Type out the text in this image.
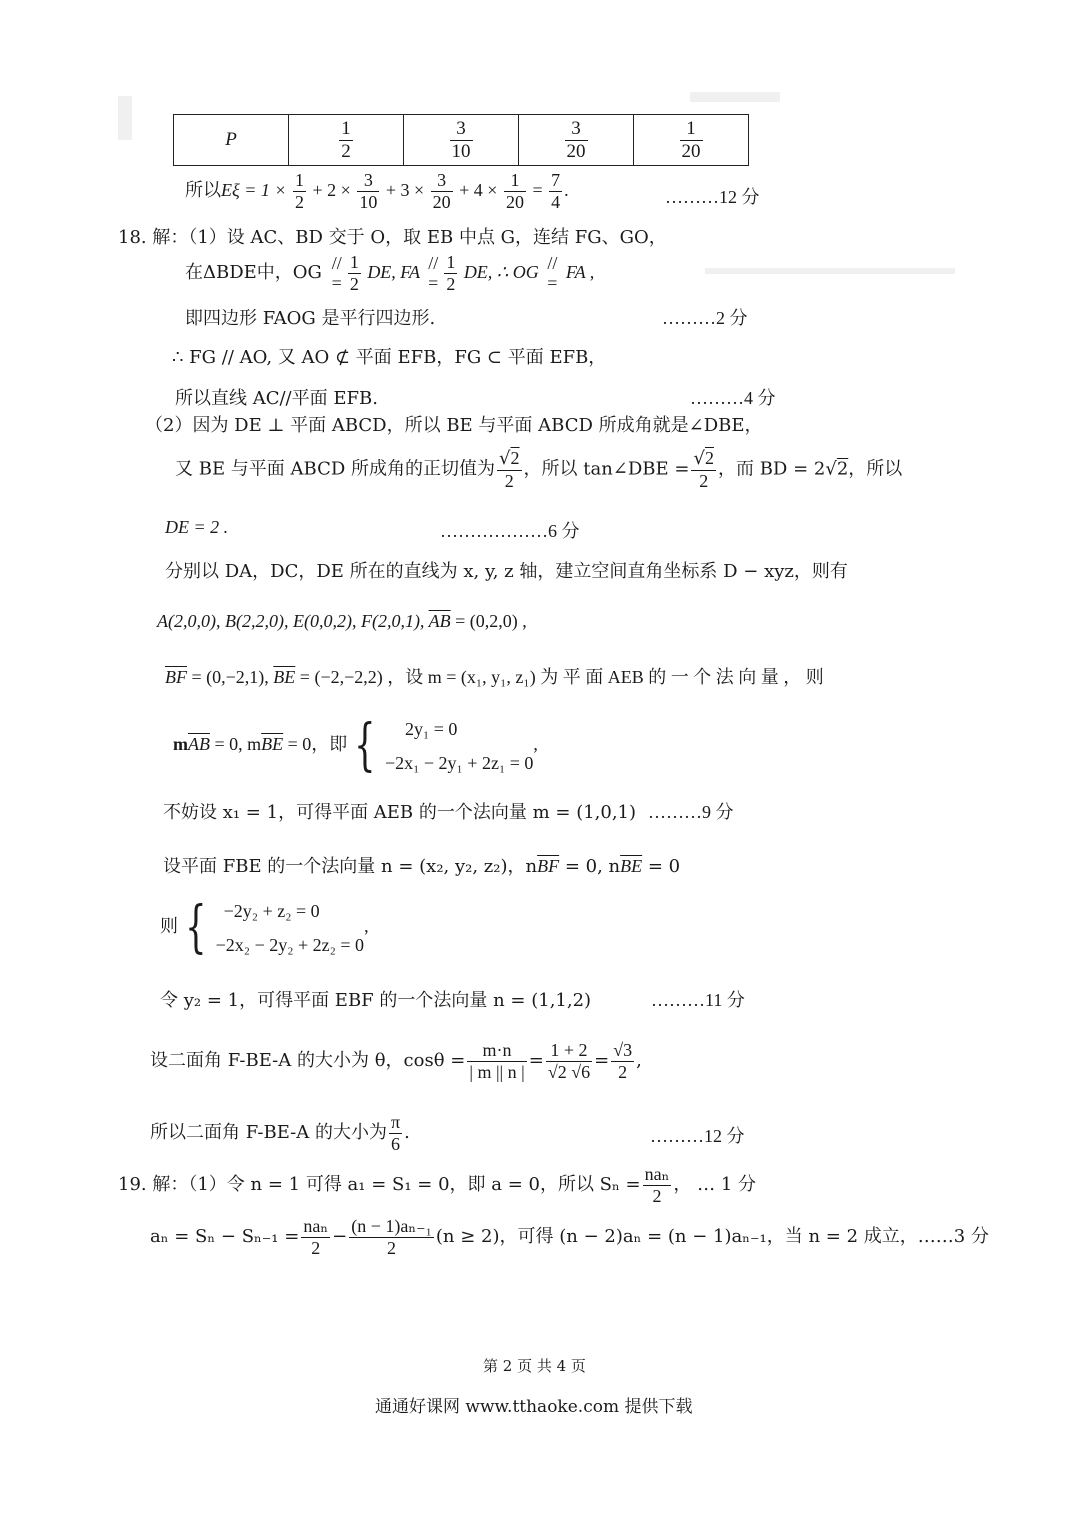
P	$\frac{1}{2}$	$\frac{3}{10}$	$\frac{3}{20}$	$\frac{1}{20}$
所以$E\xi = 1 \times \frac{1}{2} + 2 \times \frac{3}{10} + 3 \times \frac{3}{20} + 4 \times \frac{1}{20} = \frac{7}{4}$ .	………12 分
18. 解：（1）设 AC、BD 交于 O，取 EB 中点 G，连结 FG、GO，
在ΔBDE中，OG //
= $\frac{1}{2}$ DE, FA //
= $\frac{1}{2}$ DE, ∴ OG //
=
FA ,
即四边形 FAOG 是平行四边形.	………2 分
∴ FG // AO, 又 AO ⊄ 平面 EFB，FG ⊂ 平面 EFB，
所以直线 AC//平面 EFB.	………4 分
（2）因为 DE ⊥ 平面 ABCD，所以 BE 与平面 ABCD 所成角就是∠DBE，
又 BE 与平面 ABCD 所成角的正切值为 $\frac{√2}{2}$ ，所以 tan∠DBE = $\frac{√2}{2}$ ，而 BD = 2√2，所以
DE = 2 .	………………6 分
分别以 DA，DC，DE 所在的直线为 x, y, z 轴，建立空间直角坐标系 D − xyz，则有
A(2,0,0), B(2,2,0), E(0,0,2), F(2,0,1), $\overline{AB} = (0,2,0)$ ,
$\overline{BF} = (0,-2,1)$, $\overline{BE} = (-2,-2,2)$ ，设 m = (x₁, y₁, z₁) 为 平 面 AEB 的 一 个 法 向 量 ， 则
$m\overline{AB} = 0$, $m\overline{BE} = 0$，即 {	2y₁ = 0
−2x₁ − 2y₁ + 2z₁ = 0
,
不妨设 x₁ = 1，可得平面 AEB 的一个法向量 m = (1,0,1) ………9 分
设平面 FBE 的一个法向量 n = (x₂, y₂, z₂)，$n\overline{BF} = 0$, $n\overline{BE} = 0$
则 { −2y₂ + z₂ = 0
−2x₂ − 2y₂ + 2z₂ = 0
,
令 y₂ = 1，可得平面 EBF 的一个法向量 n = (1,1,2)	………11 分
设二面角 F-BE-A 的大小为 θ，$\cos\theta = \frac{m\cdot n}{| m || n |} = \frac{1 + 2}{√2 √6} = \frac{√3}{2}$ ,
所以二面角 F-BE-A 的大小为 $\frac{\pi}{6}$ .	………12 分
19. 解：（1）令 n = 1 可得 a₁ = S₁ = 0，即 a = 0，所以 $S_n = \frac{\text{naₙ}}{2}$ ， … 1 分
$a_n = S_n - S_{n-1} = \frac{\text{naₙ}}{2} - \frac{\text{(n − 1)aₙ₋₁}}{2} (n \ge 2)$，可得 (n − 2)aₙ = (n − 1)aₙ₋₁，当 n = 2 成立，……3 分
第 2 页 共 4 页
通通好课网 www.tthaoke.com 提供下载
